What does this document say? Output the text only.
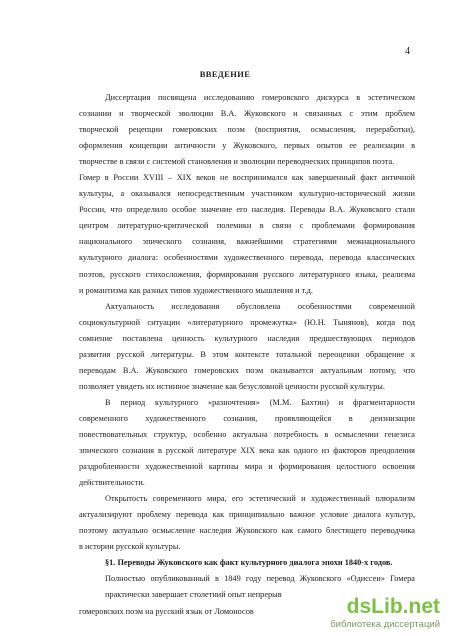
4
ВВЕДЕНИЕ
Диссертация посвящена исследованию гомеровского дискурса в эстетическом
сознании и творческой эволюции В.А. Жуковского и связанных с этим проблем
творческой рецепции гомеровских поэм (восприятия, осмысления, переработки),
оформления концепции античности у Жуковского, первых опытов ее реализации в
творчестве в связи с системой становления и эволюции переводческих принципов поэта.
Гомер в России XVIII – XIX веков не воспринимался как завершенный факт античной
культуры, а оказывался непосредственным участником культурно-исторической жизни
России, что определило особое значение его наследия. Переводы В.А. Жуковского стали
центром литературно-критической полемики в связи с проблемами формирования
национального эпического сознания, важнейшими стратегиями межнационального
культурного диалога: особенностями художественного перевода, перевода классических
поэтов, русского стихосложения, формирования русского литературного языка, реализма
и романтизма как разных типов художественного мышления и т.д.
Актуальность исследования обусловлена особенностями современной
социокультурной ситуации «литературного промежутка» (Ю.Н. Тынянов), когда под
сомнение поставлена ценность культурного наследия предшествующих периодов
развития русской литературы. В этом контексте тотальной переоценки обращение к
переводам В.А. Жуковского гомеровских поэм оказывается актуальным потому, что
позволяет увидеть их истинное значение как безусловной ценности русской культуры.
В период культурного «разночтения» (М.М. Бахтин) и фрагментарности
современного художественного сознания, проявляющейся в деизнизации
повествовательных структур, особенно актуальна потребность в осмыслении генезиса
эпического сознания в русской литературе XIX века как одного из факторов преодоления
раздробленности художественной картины мира и формирования целостного освоения
действительности.
Открытость современного мира, его эстетический и художественный плюрализм
актуализируют проблему перевода как принципиально важное условие диалога культур,
поэтому актуально осмысление наследия Жуковского как самого блестящего переводчика
в истории русской культуры.
§1. Переводы Жуковского как факт культурного диалога эпохи 1840-х годов.
Полностью опубликованный в 1849 году перевод Жуковского «Одиссеи» Гомера
практически завершает столетний опыт непрерыв
гомеровских поэм на русский язык от Ломоносов	dsLib.net
библиотека диссертаций
